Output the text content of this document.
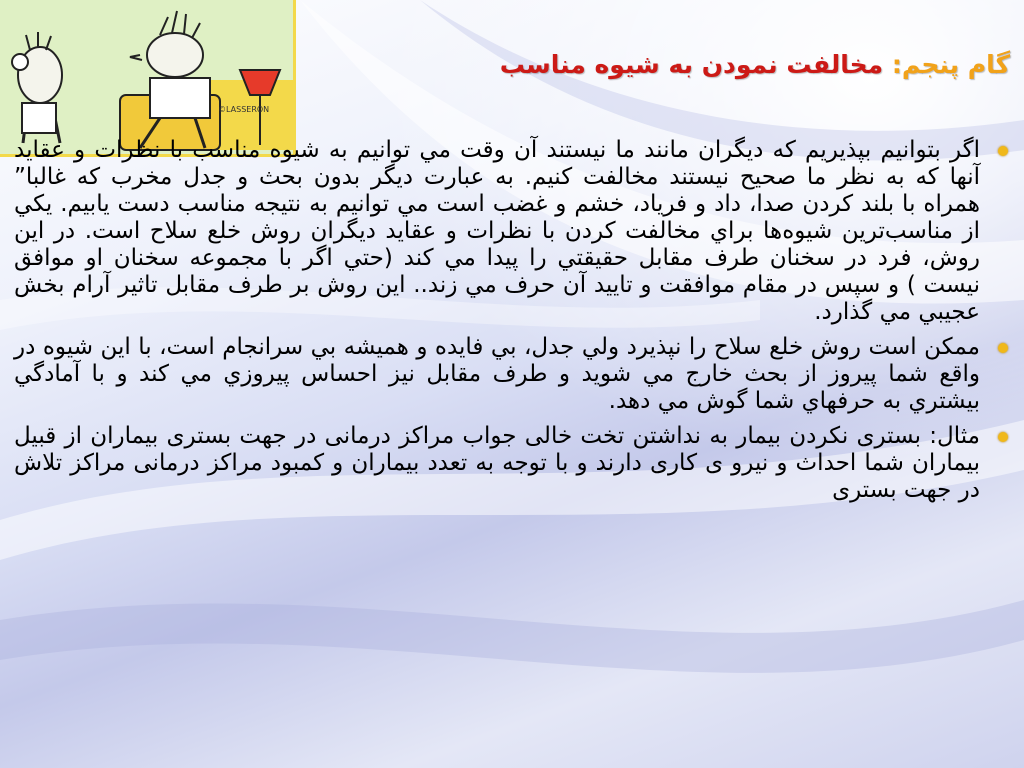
©LASSERON
گام پنجم: مخالفت نمودن به شيوه مناسب
اگر بتوانيم بپذيريم که ديگران مانند ما نيستند آن وقت مي توانيم به شيوه مناسب با نظرات و عقايد آنها که به نظر ما صحيح نيستند مخالفت کنيم. به عبارت ديگر بدون بحث و جدل مخرب که غالبا” همراه با بلند کردن صدا، داد و فرياد، خشم و غضب است مي توانيم به نتيجه مناسب دست يابيم. يکي از مناسب‌ترين شيوه‌ها براي مخالفت کردن با نظرات و عقايد ديگران روش خلع سلاح است. در اين روش، فرد در سخنان طرف مقابل حقيقتي را پيدا مي کند (حتي اگر با مجموعه سخنان او موافق نيست ) و سپس در مقام موافقت و تاييد آن حرف مي زند.. اين روش بر طرف مقابل تاثير آرام بخش عجيبي مي گذارد.
ممکن است روش خلع سلاح را نپذيرد ولي جدل، بي فايده و هميشه بي سرانجام است، با اين شيوه در واقع شما پيروز از بحث خارج مي شويد و طرف مقابل نيز احساس پيروزي مي کند و با آمادگي بيشتري به حرفهاي شما گوش مي دهد.
مثال: بستری نکردن بيمار به نداشتن تخت خالی جواب مراکز درمانی در جهت بستری بيماران از قبيل بيماران شما احداث و نيرو ی کاری دارند و با توجه به تعدد بيماران و کمبود مراکز درمانی مراکز تلاش در جهت بستری
